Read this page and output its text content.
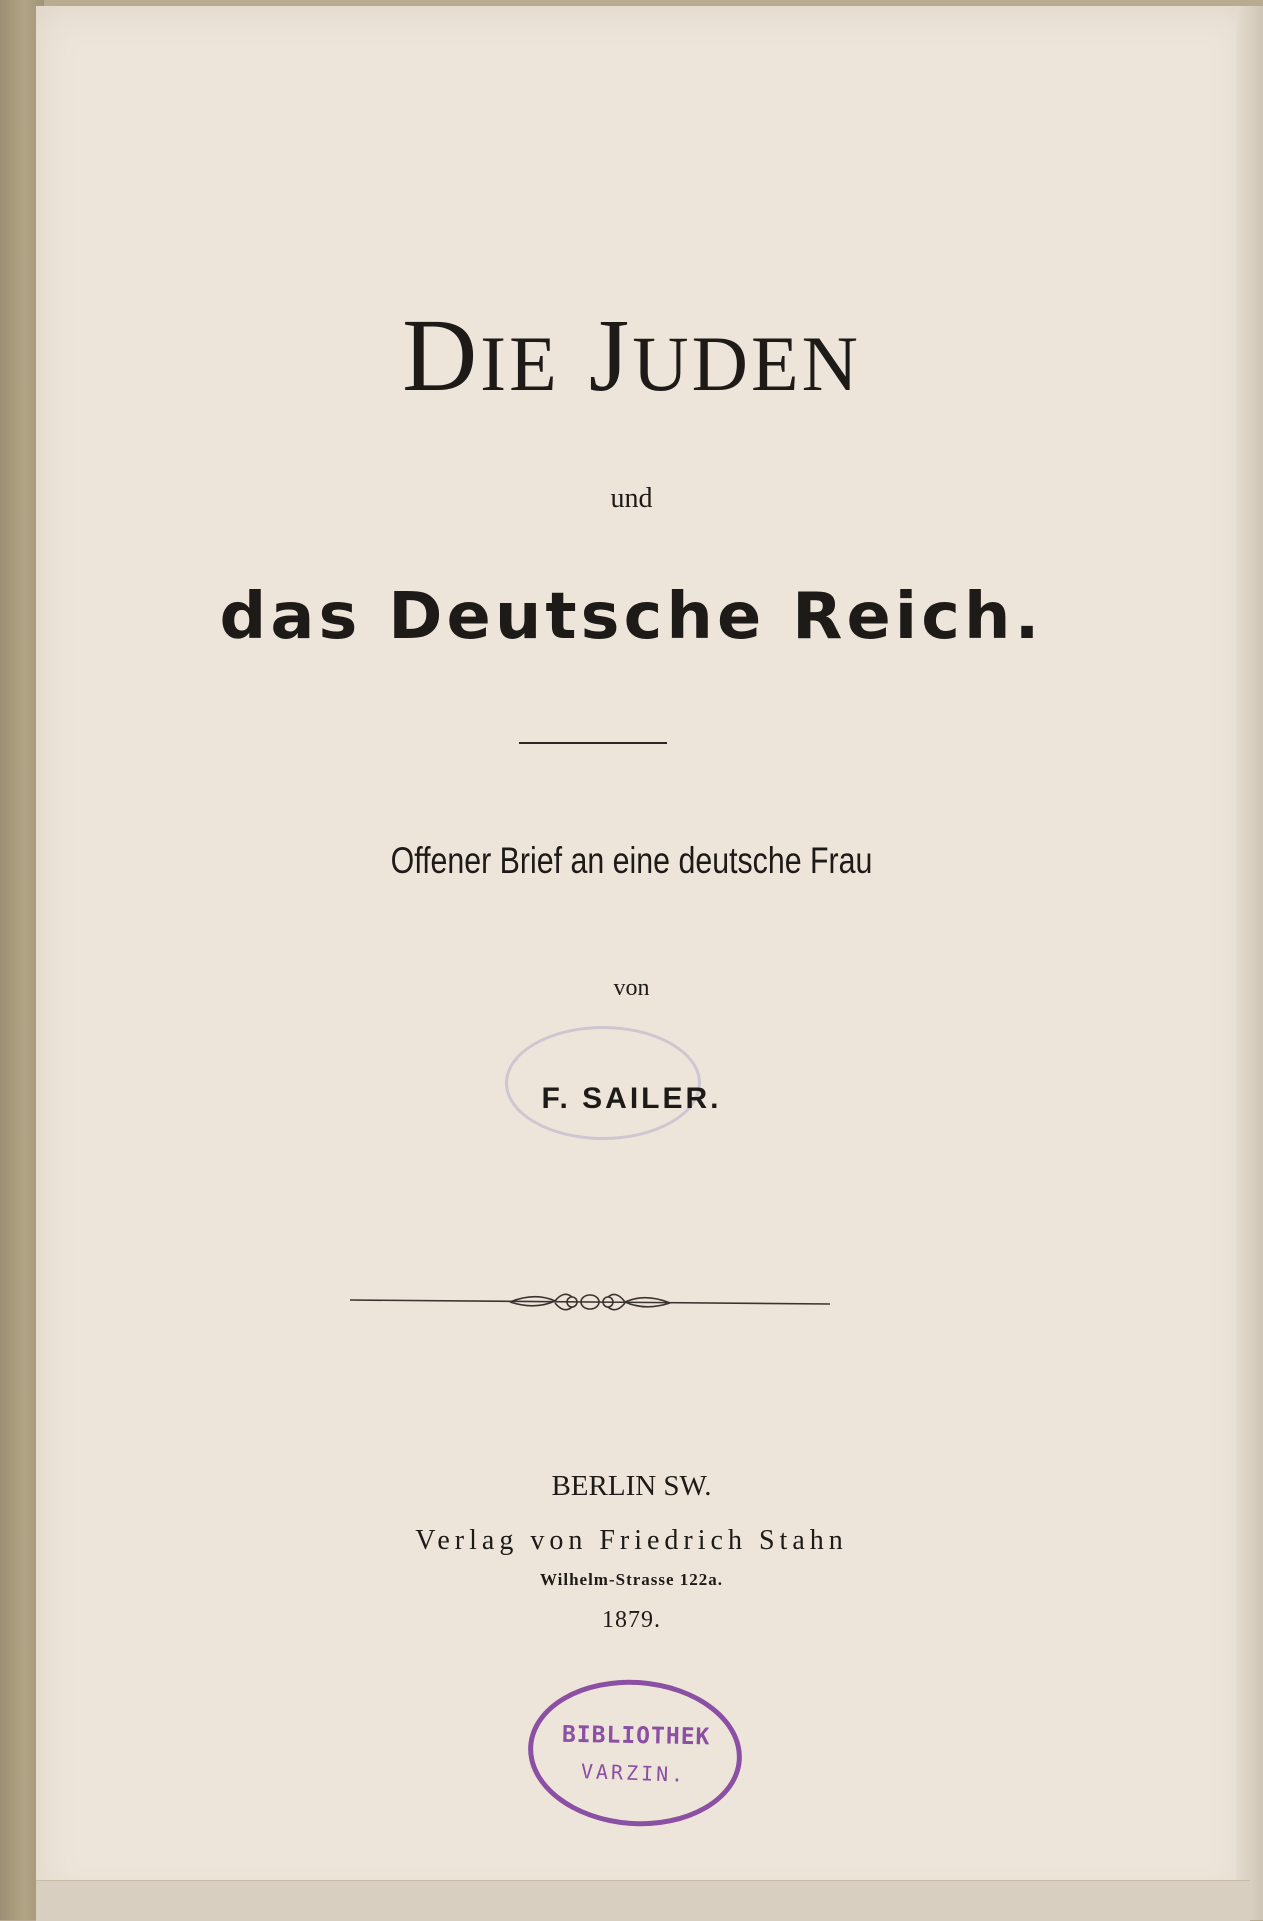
DIE JUDEN
und
das Deutsche Reich.
Offener Brief an eine deutsche Frau
von
F. SAILER.
BERLIN SW.
Verlag von Friedrich Stahn
Wilhelm-Strasse 122a.
1879.
BIBLIOTHEK
VARZIN.
